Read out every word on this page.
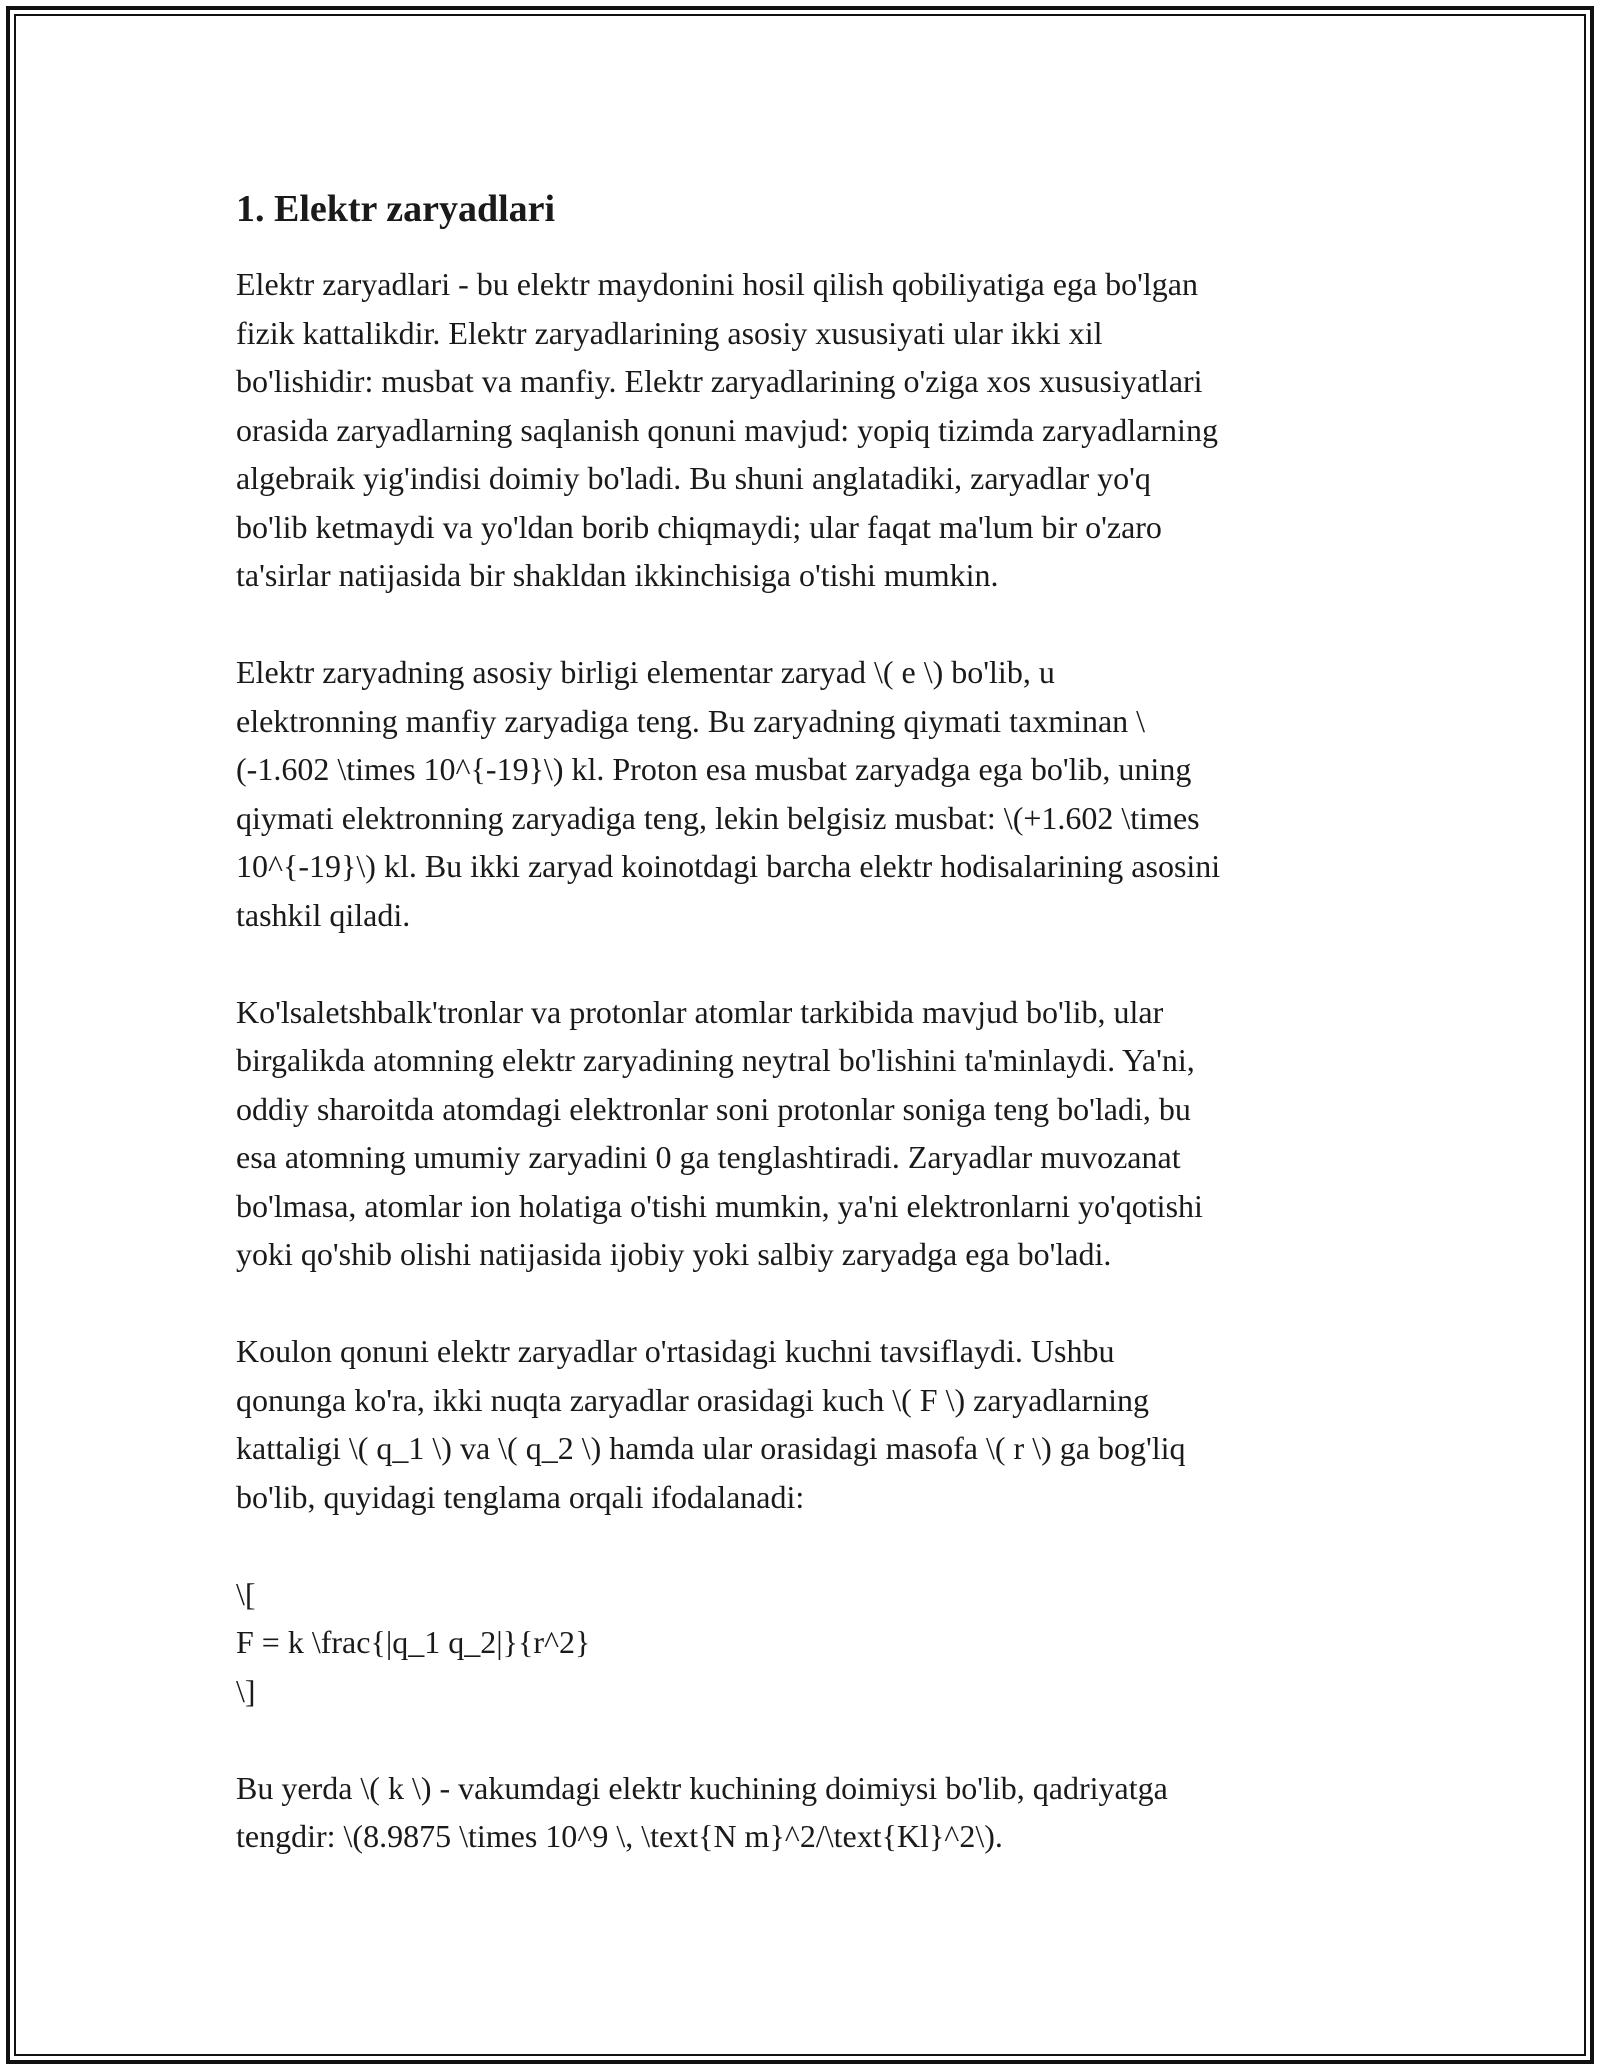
1. Elektr zaryadlari

Elektr zaryadlari - bu elektr maydonini hosil qilish qobiliyatiga ega bo'lgan
fizik kattalikdir. Elektr zaryadlarining asosiy xususiyati ular ikki xil
bo'lishidir: musbat va manfiy. Elektr zaryadlarining o'ziga xos xususiyatlari
orasida zaryadlarning saqlanish qonuni mavjud: yopiq tizimda zaryadlarning
algebraik yig'indisi doimiy bo'ladi. Bu shuni anglatadiki, zaryadlar yo'q
bo'lib ketmaydi va yo'ldan borib chiqmaydi; ular faqat ma'lum bir o'zaro
ta'sirlar natijasida bir shakldan ikkinchisiga o'tishi mumkin.

Elektr zaryadning asosiy birligi elementar zaryad \( e \) bo'lib, u
elektronning manfiy zaryadiga teng. Bu zaryadning qiymati taxminan \
(-1.602 \times 10^{-19}\) kl. Proton esa musbat zaryadga ega bo'lib, uning
qiymati elektronning zaryadiga teng, lekin belgisiz musbat: \(+1.602 \times
10^{-19}\) kl. Bu ikki zaryad koinotdagi barcha elektr hodisalarining asosini
tashkil qiladi.

Ko'lsaletshbalk'tronlar va protonlar atomlar tarkibida mavjud bo'lib, ular
birgalikda atomning elektr zaryadining neytral bo'lishini ta'minlaydi. Ya'ni,
oddiy sharoitda atomdagi elektronlar soni protonlar soniga teng bo'ladi, bu
esa atomning umumiy zaryadini 0 ga tenglashtiradi. Zaryadlar muvozanat
bo'lmasa, atomlar ion holatiga o'tishi mumkin, ya'ni elektronlarni yo'qotishi
yoki qo'shib olishi natijasida ijobiy yoki salbiy zaryadga ega bo'ladi.

Koulon qonuni elektr zaryadlar o'rtasidagi kuchni tavsiflaydi. Ushbu
qonunga ko'ra, ikki nuqta zaryadlar orasidagi kuch \( F \) zaryadlarning
kattaligi \( q_1 \) va \( q_2 \) hamda ular orasidagi masofa \( r \) ga bog'liq
bo'lib, quyidagi tenglama orqali ifodalanadi:

\[
F = k \frac{|q_1 q_2|}{r^2}
\]

Bu yerda \( k \) - vakumdagi elektr kuchining doimiysi bo'lib, qadriyatga
tengdir: \(8.9875 \times 10^9 \, \text{N m}^2/\text{Kl}^2\).
